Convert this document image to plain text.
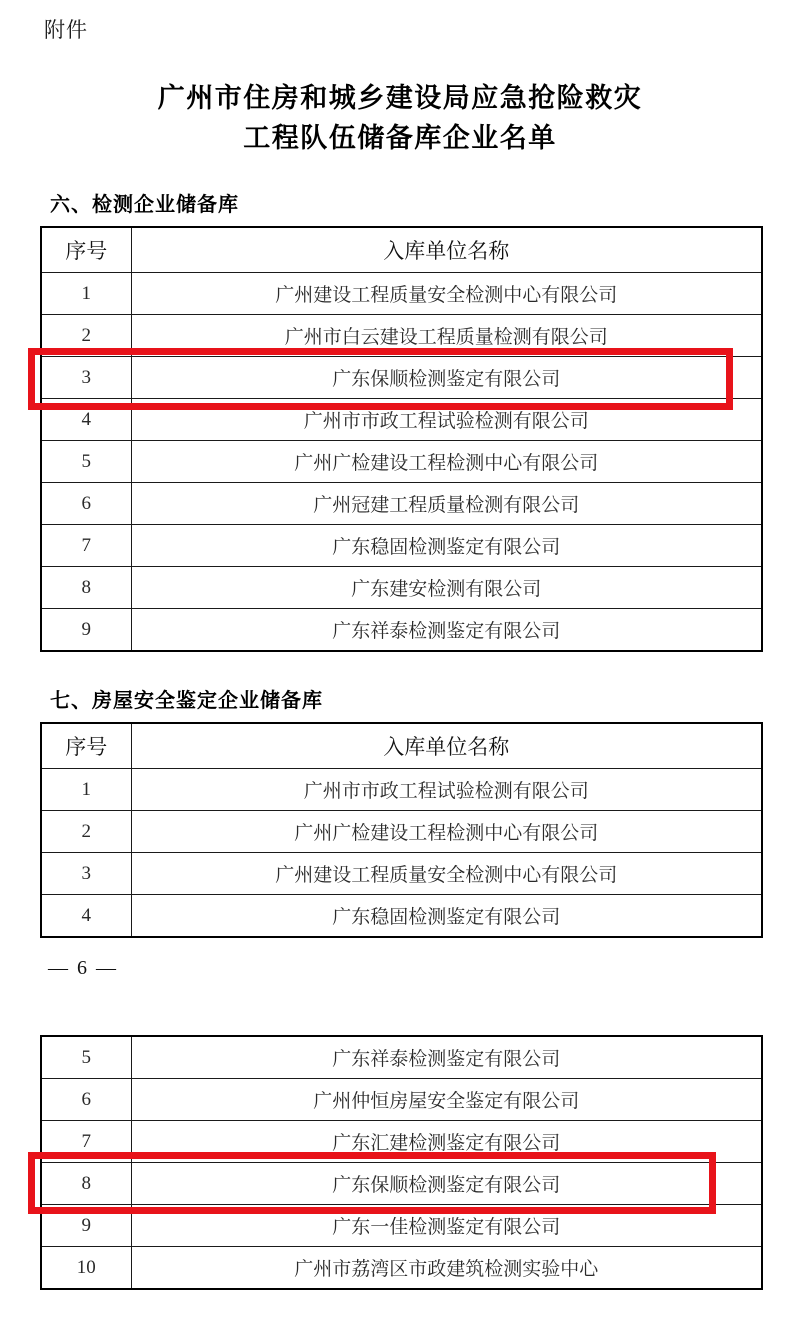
附件
广州市住房和城乡建设局应急抢险救灾
工程队伍储备库企业名单
六、检测企业储备库
序号	入库单位名称
1	广州建设工程质量安全检测中心有限公司
2	广州市白云建设工程质量检测有限公司
3	广东保顺检测鉴定有限公司
4	广州市市政工程试验检测有限公司
5	广州广检建设工程检测中心有限公司
6	广州冠建工程质量检测有限公司
7	广东稳固检测鉴定有限公司
8	广东建安检测有限公司
9	广东祥泰检测鉴定有限公司
七、房屋安全鉴定企业储备库
序号	入库单位名称
1	广州市市政工程试验检测有限公司
2	广州广检建设工程检测中心有限公司
3	广州建设工程质量安全检测中心有限公司
4	广东稳固检测鉴定有限公司
— 6 —
5	广东祥泰检测鉴定有限公司
6	广州仲恒房屋安全鉴定有限公司
7	广东汇建检测鉴定有限公司
8	广东保顺检测鉴定有限公司
9	广东一佳检测鉴定有限公司
10	广州市荔湾区市政建筑检测实验中心
